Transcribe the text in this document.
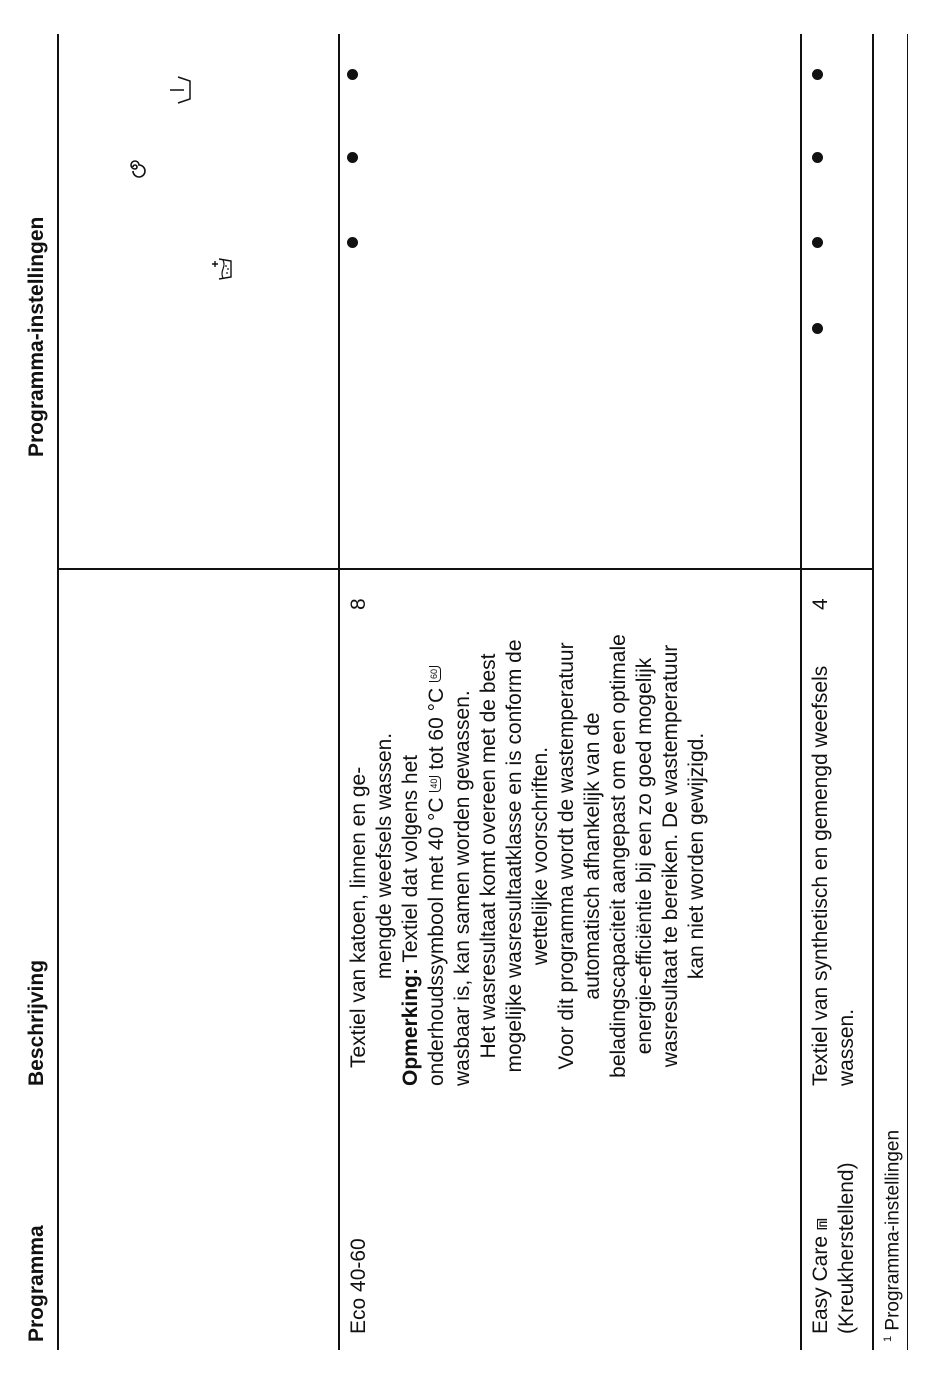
Programma
Beschrijving
Programma-instellingen
Eco 40-60

Textiel van katoen, linnen en ge- mengde weefsels wassen.

Opmerking: Textiel dat volgens het onderhoudssymbool met 40 °C 40 tot 60 °C 60 wasbaar is, kan samen worden gewassen. Het wasresultaat komt overeen met de best mogelijke wasresultaatklasse en is conform de wettelijke voorschriften. Voor dit programma wordt de wastemperatuur automatisch afhankelijk van de beladingscapaciteit aangepast om een optimale energie-efficiëntie bij een zo goed mogelijk wasresultaat te bereiken. De wastemperatuur kan niet worden gewijzigd.

8
Easy Care ⩎ (Kreukherstellend)
Textiel van synthetisch en gemengd weefsels wassen.
4
$^1$ Programma-instellingen
